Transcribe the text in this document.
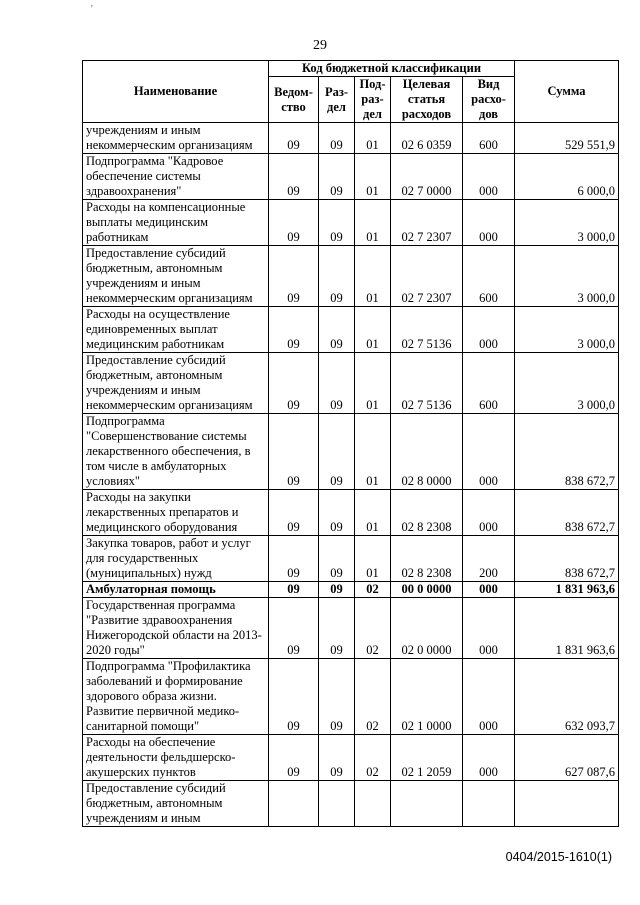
'
29
Наименование	Код бюджетной классификации					Сумма
	Ведом-ство	Раз-дел	Под-раз-дел	Целевая статья расходов	Вид расхо-дов	
учреждениям и иным некоммерческим организациям	09	09	01	02 6 0359	600	529 551,9
Подпрограмма "Кадровое обеспечение системы здравоохранения"	09	09	01	02 7 0000	000	6 000,0
Расходы на компенсационные выплаты медицинским работникам	09	09	01	02 7 2307	000	3 000,0
Предоставление субсидий бюджетным, автономным учреждениям и иным некоммерческим организациям	09	09	01	02 7 2307	600	3 000,0
Расходы на осуществление единовременных выплат медицинским работникам	09	09	01	02 7 5136	000	3 000,0
Предоставление субсидий бюджетным, автономным учреждениям и иным некоммерческим организациям	09	09	01	02 7 5136	600	3 000,0
Подпрограмма "Совершенствование системы лекарственного обеспечения, в том числе в амбулаторных условиях"	09	09	01	02 8 0000	000	838 672,7
Расходы на закупки лекарственных препаратов и медицинского оборудования	09	09	01	02 8 2308	000	838 672,7
Закупка товаров, работ и услуг для государственных (муниципальных) нужд	09	09	01	02 8 2308	200	838 672,7
Амбулаторная помощь	09	09	02	00 0 0000	000	1 831 963,6
Государственная программа "Развитие здравоохранения Нижегородской области на 2013-2020 годы"	09	09	02	02 0 0000	000	1 831 963,6
Подпрограмма "Профилактика заболеваний и формирование здорового образа жизни. Развитие первичной медико-санитарной помощи"	09	09	02	02 1 0000	000	632 093,7
Расходы на обеспечение деятельности фельдшерско-акушерских пунктов	09	09	02	02 1 2059	000	627 087,6
Предоставление субсидий бюджетным, автономным учреждениям и иным						
0404/2015-1610(1)
